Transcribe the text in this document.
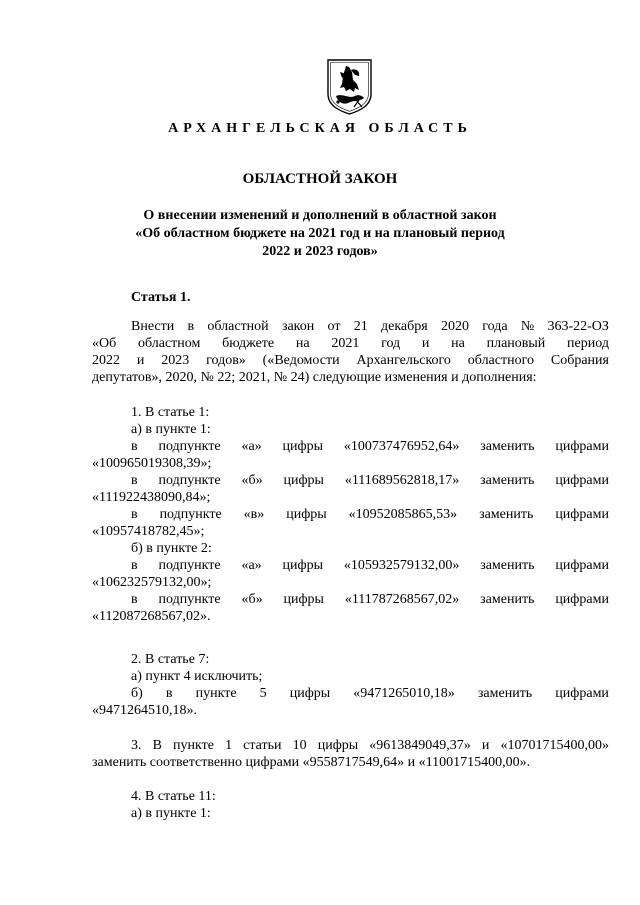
АРХАНГЕЛЬСКАЯ ОБЛАСТЬ
ОБЛАСТНОЙ ЗАКОН
О внесении изменений и дополнений в областной закон
«Об областном бюджете на 2021 год и на плановый период
2022 и 2023 годов»
Статья 1.
Внести в областной закон от 21 декабря 2020 года № 363-22-ОЗ
«Об областном бюджете на 2021 год и на плановый период
2022 и 2023 годов» («Ведомости Архангельского областного Собрания
депутатов», 2020, № 22; 2021, № 24) следующие изменения и дополнения:
1. В статье 1:
а) в пункте 1:
в подпункте «а» цифры «100737476952,64» заменить цифрами
«100965019308,39»;
в подпункте «б» цифры «111689562818,17» заменить цифрами
«111922438090,84»;
в подпункте «в» цифры «10952085865,53» заменить цифрами
«10957418782,45»;
б) в пункте 2:
в подпункте «а» цифры «105932579132,00» заменить цифрами
«106232579132,00»;
в подпункте «б» цифры «111787268567,02» заменить цифрами
«112087268567,02».
2. В статье 7:
а) пункт 4 исключить;
б) в пункте 5 цифры «9471265010,18» заменить цифрами
«9471264510,18».
3. В пункте 1 статьи 10 цифры «9613849049,37» и «10701715400,00»
заменить соответственно цифрами «9558717549,64» и «11001715400,00».
4. В статье 11:
а) в пункте 1:
